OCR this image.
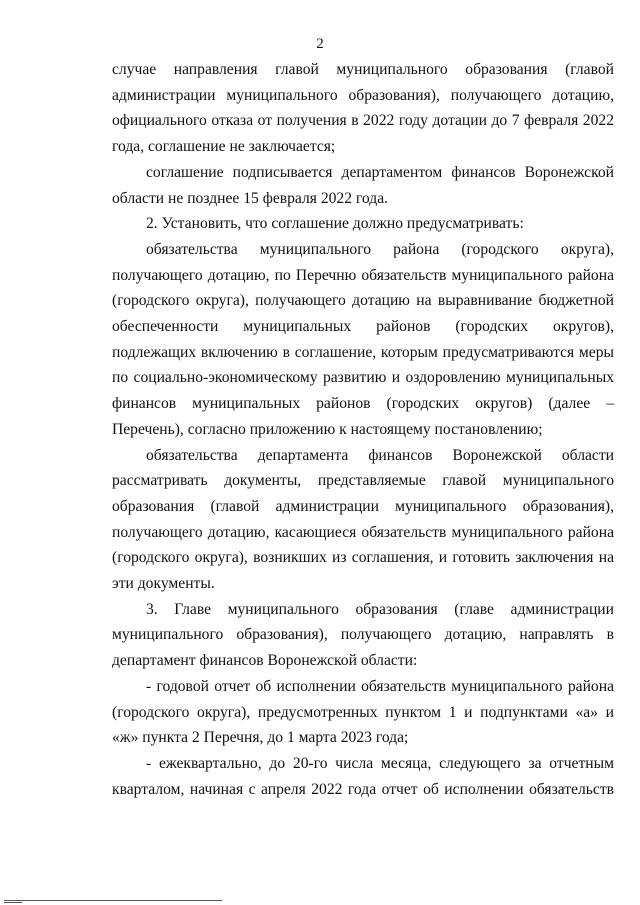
2

случае направления главой муниципального образования (главой администрации муниципального образования), получающего дотацию, официального отказа от получения в 2022 году дотации до 7 февраля 2022 года, соглашение не заключается;

соглашение подписывается департаментом финансов Воронежской области не позднее 15 февраля 2022 года.

2. Установить, что соглашение должно предусматривать:

обязательства муниципального района (городского округа), получающего дотацию, по Перечню обязательств муниципального района (городского округа), получающего дотацию на выравнивание бюджетной обеспеченности муниципальных районов (городских округов), подлежащих включению в соглашение, которым предусматриваются меры по социально-экономическому развитию и оздоровлению муниципальных финансов муниципальных районов (городских округов) (далее – Перечень), согласно приложению к настоящему постановлению;

обязательства департамента финансов Воронежской области рассматривать документы, представляемые главой муниципального образования (главой администрации муниципального образования), получающего дотацию, касающиеся обязательств муниципального района (городского округа), возникших из соглашения, и готовить заключения на эти документы.

3. Главе муниципального образования (главе администрации муниципального образования), получающего дотацию, направлять в департамент финансов Воронежской области:

- годовой отчет об исполнении обязательств муниципального района (городского округа), предусмотренных пунктом 1 и подпунктами «а» и «ж» пункта 2 Перечня, до 1 марта 2023 года;

- ежеквартально, до 20-го числа месяца, следующего за отчетным кварталом, начиная с апреля 2022 года отчет об исполнении обязательств
